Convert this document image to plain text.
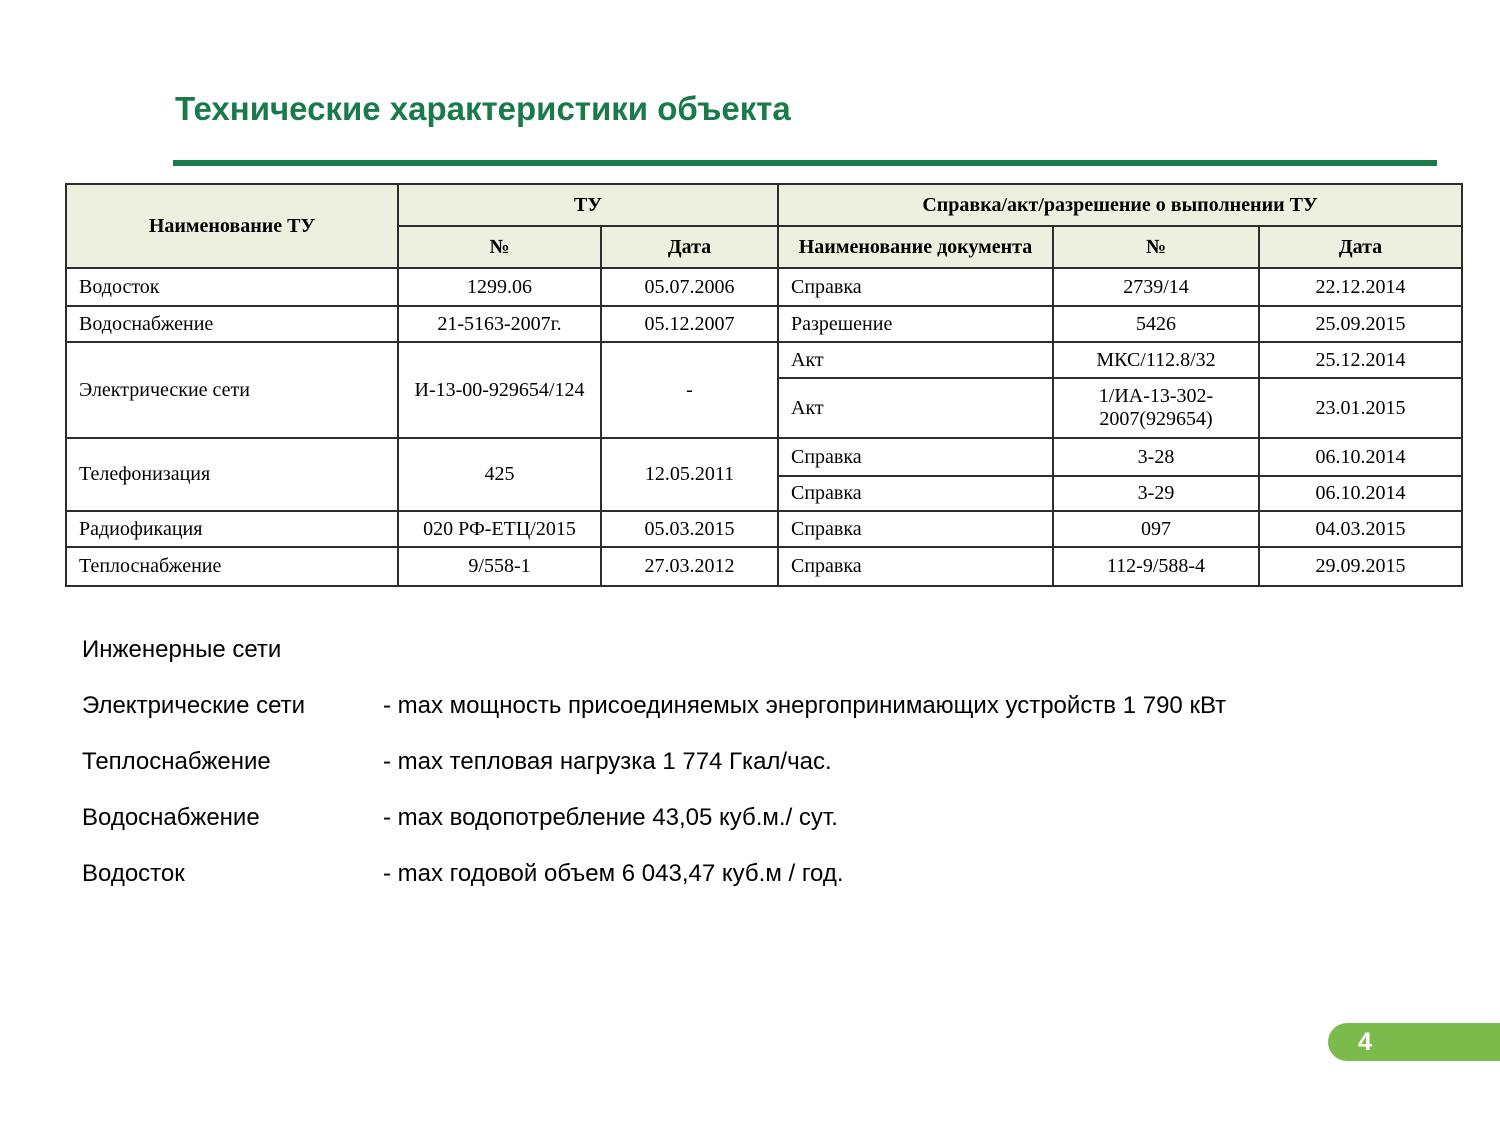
Технические характеристики объекта
Наименование ТУ	ТУ		Справка/акт/разрешение о выполнении ТУ		
	№	Дата	Наименование документа	№	Дата
Водосток	1299.06	05.07.2006	Справка	2739/14	22.12.2014
Водоснабжение	21-5163-2007г.	05.12.2007	Разрешение	5426	25.09.2015
Электрические сети	И-13-00-929654/124	-	Акт	МКС/112.8/32	25.12.2014
			Акт	1/ИА-13-302-2007(929654)	23.01.2015
Телефонизация	425	12.05.2011	Справка	3-28	06.10.2014
			Справка	3-29	06.10.2014
Радиофикация	020 РФ-ЕТЦ/2015	05.03.2015	Справка	097	04.03.2015
Теплоснабжение	9/558-1	27.03.2012	Справка	112-9/588-4	29.09.2015
Инженерные сети
Электрические сети	- max мощность присоединяемых энергопринимающих устройств 1 790 кВт
Теплоснабжение	- max тепловая нагрузка 1 774 Гкал/час.
Водоснабжение	- max водопотребление 43,05 куб.м./ сут.
Водосток	- max годовой объем 6 043,47 куб.м / год.
4
